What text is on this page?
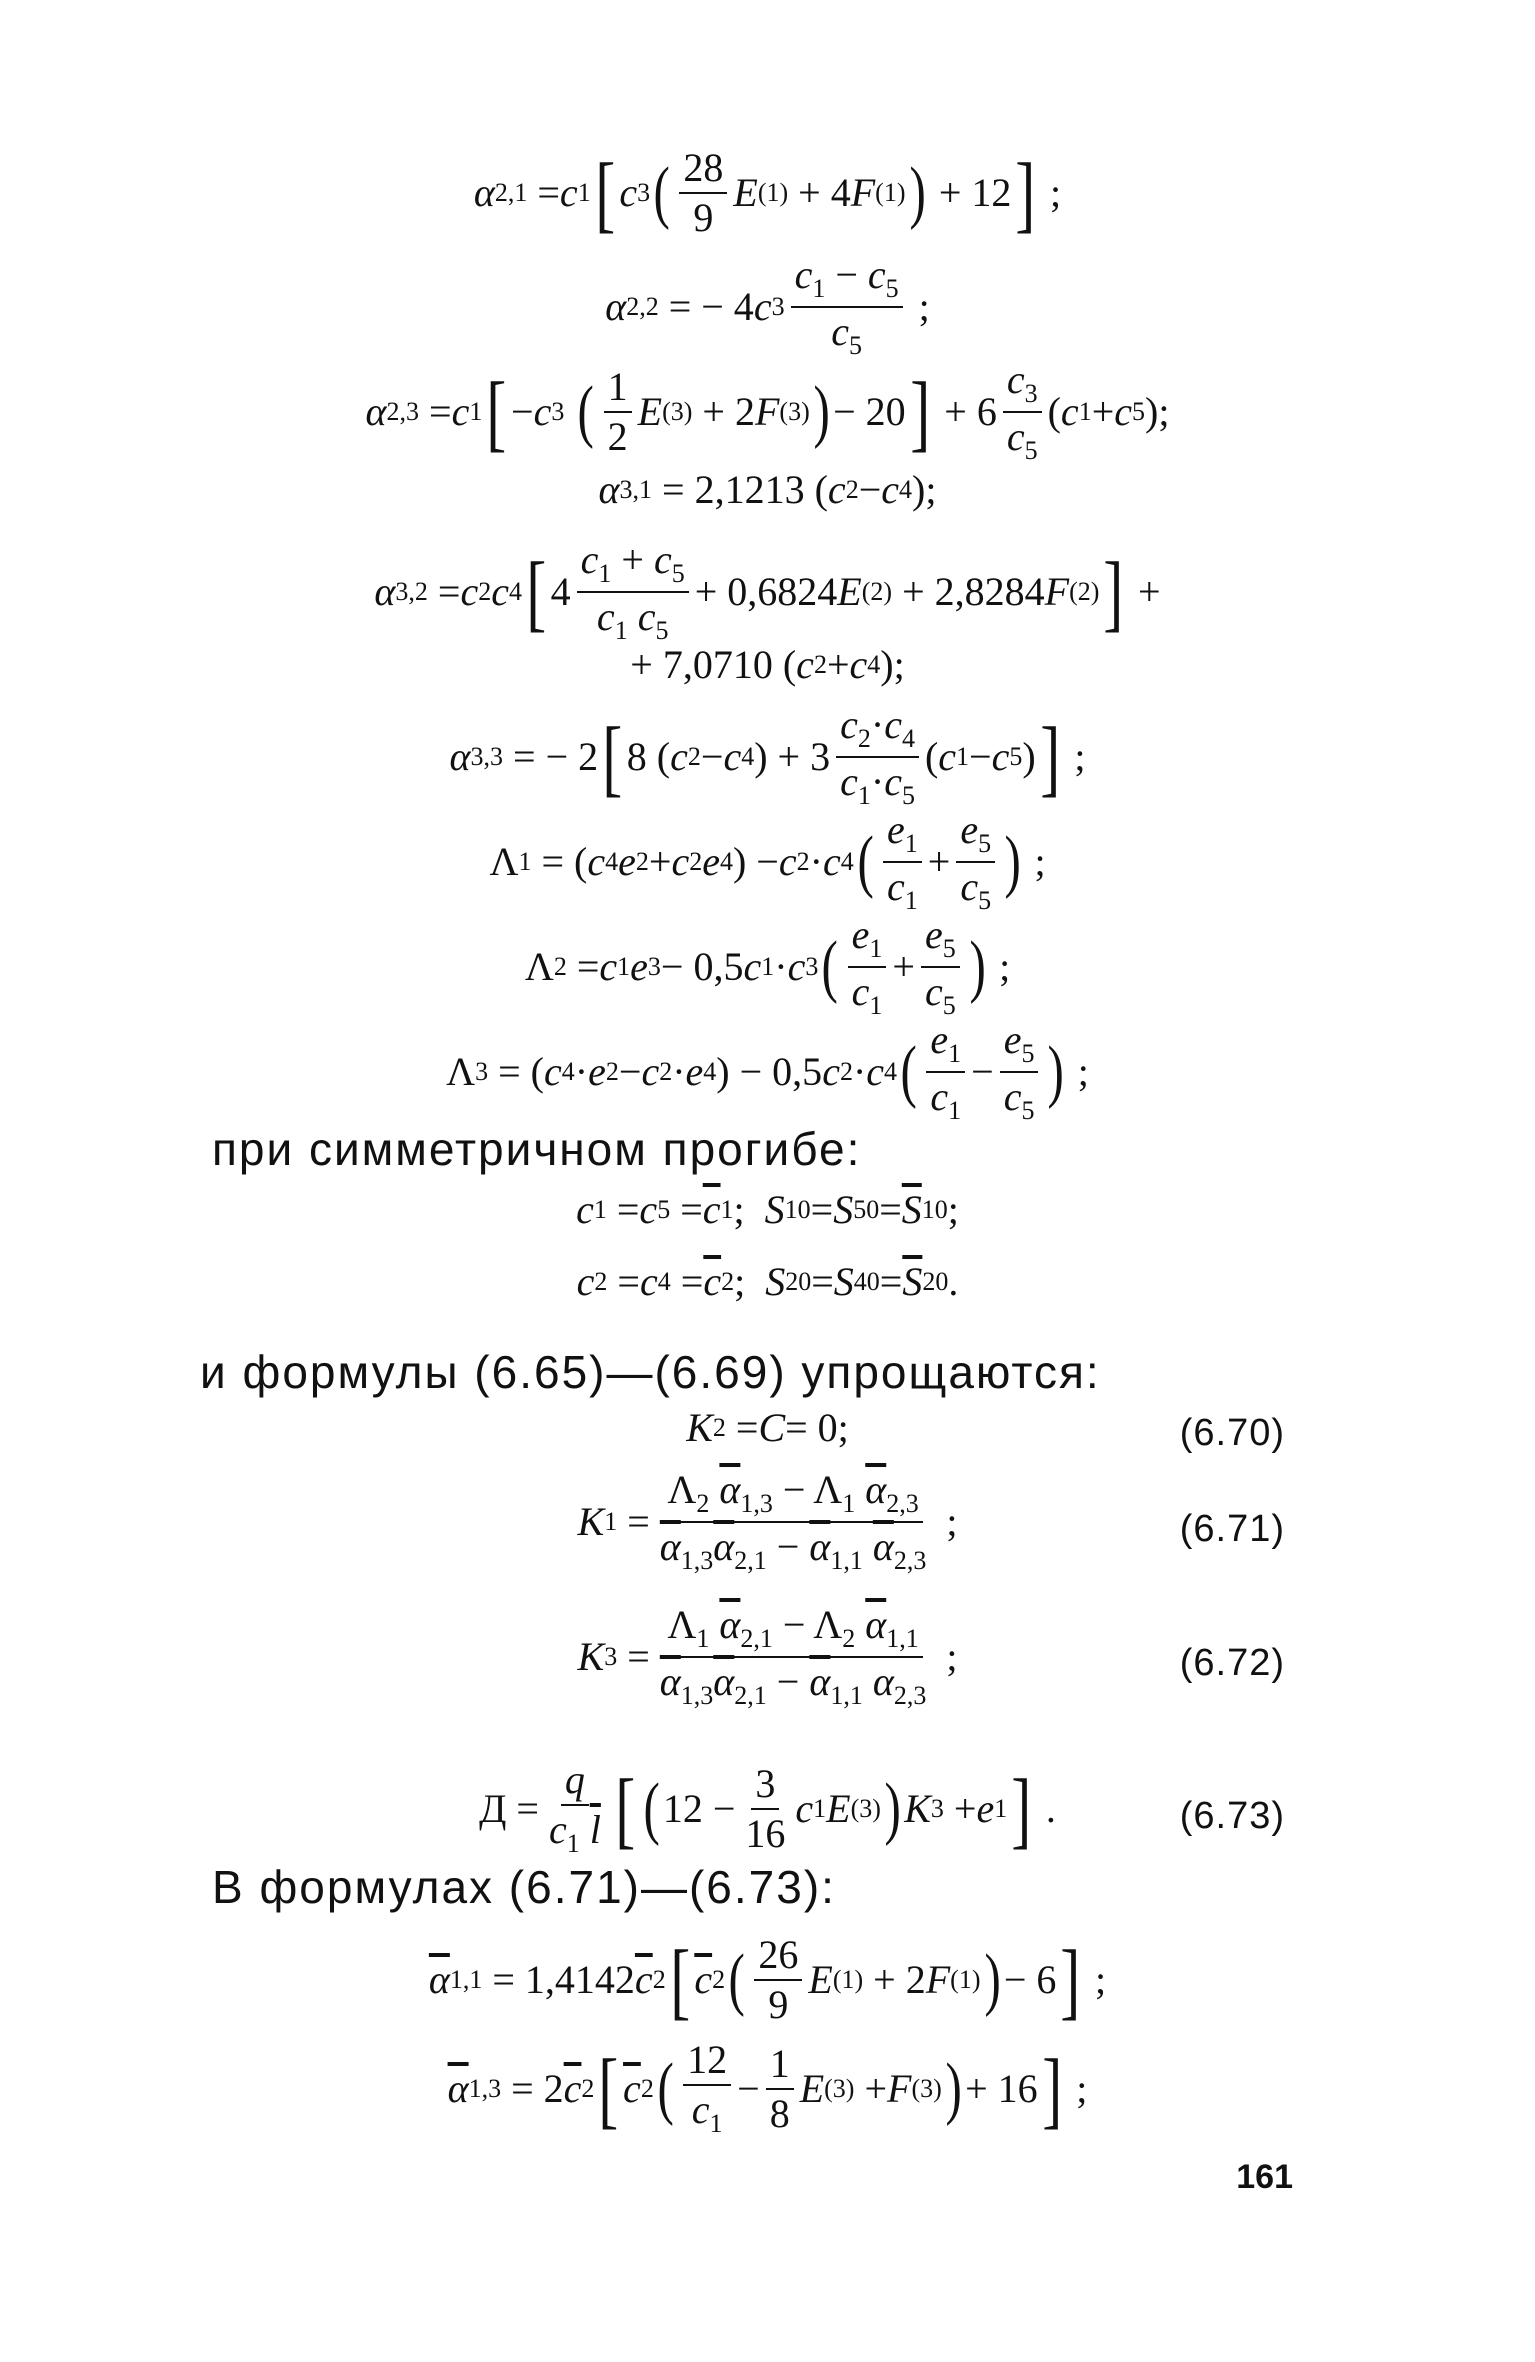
α 2,1 = c 1 [ c 3 ( $\frac{28}{9}$ E (1) + 4 F (1) ) + 12 ] ;
α 2,2 = − 4 c $3 \frac{c_1 - c_5}{c_5}$ ;
α 2,3 = c 1 [ − c 3
( $\frac{1}{2}$ E (3) + 2 F (3) ) − 20 ] + $6 \frac{c_3}{c_5}$ ( c 1 + c 5 );
α 3,1 = 2,1213 ( c 2 − c 4 );
α 3,2 = c 2 c 4 [ $4 \frac{c_1 + c_5}{c_1 c_5} + 0,6824$ E (2) + 2,8284 F (2) ] +
+ 7,0710 ( c 2 + c 4 );
α 3,3 = − 2 [ 8 ( c 2 − c 4 ) + $3 \frac{c_2\cdot c_4}{c_1\cdot c_5}$ ( c 1 − c 5 ) ] ;
Λ 1 = ( c 4 e 2 + c 2 e 4 ) − c 2 · c 4 ( $\frac{e_1}{c_1} + \frac{e_5}{c_5}$ ) ;
Λ 2 = c 1 e 3 − 0,5 c 1 · c 3 ( $\frac{e_1}{c_1} + \frac{e_5}{c_5}$ ) ;
Λ 3 = ( c 4 · e 2 − c 2 · e 4 ) − 0,5 c 2 · c 4 ( $\frac{e_1}{c_1} - \frac{e_5}{c_5}$ ) ;
при симметричном прогибе:
c 1 = c $5 = \overline{c}$ 1 ; S 1 0 = S 5 $0 = \overline{S}$ 1 0 ;
c 2 = c $4 = \overline{c}$ 2 ; S 2 0 = S 4 $0 = \overline{S}$ 2 0 .
и формулы (6.65)—(6.69) упрощаются:
K 2 = C = 0;	(6.70)
K $1 = \frac{\Lambda_2 \overline{\alpha}_{1,3} - \Lambda_1 \overline{\alpha}_{2,3}}{\overline{\alpha}_{1,3}\overline{\alpha}_{2,1} - \overline{\alpha}_{1,1} \overline{\alpha}_{2,3}}$ ;	(6.71)
K $3 = \frac{\Lambda_1 \overline{\alpha}_{2,1} - \Lambda_2 \overline{\alpha}_{1,1}}{\overline{\alpha}_{1,3}\overline{\alpha}_{2,1} - \overline{\alpha}_{1,1} \alpha_{2,3}}$ ;	(6.72)
$Д = \frac{q}{c_1 \overline{l}}$ [ ( $12 - \frac{3}{16}$ c 1 E (3) ) K 3 + e 1 ] .	(6.73)
В формулах (6.71)—(6.73):
$\overline{\alpha}$ 1,1 = 1,4142 $\overline{c}$ 2 [ $\overline{c}$ 2 ( $\frac{26}{9}$ E (1) + 2 F (1) ) − 6 ] ;
$\overline{\alpha}$ 1,3 = 2 $\overline{c}$ 2 [ $\overline{c}$ 2 ( $\frac{12}{c_1} - \frac{1}{8}$ E (3) + F (3) ) + 16 ] ;
161
